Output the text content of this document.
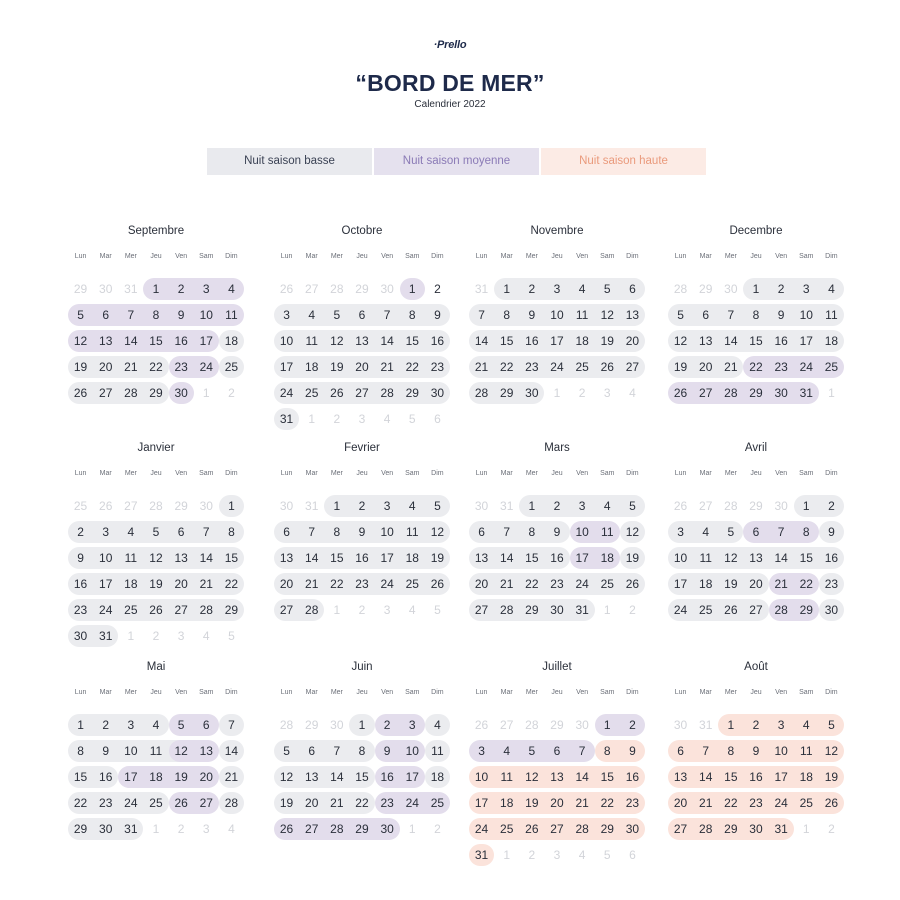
·Prello
“BORD DE MER”
Calendrier 2022
Nuit saison basse	Nuit saison moyenne	Nuit saison haute
Septembre
Lun	Mar	Mer	Jeu	Ven	Sam	Dim
29 30 31	1	2	3	4
5	6	7	8	9	10	11
12 13 14 15 16 17 18
19 20 21 22 23 24 25
26 27 28 29 30	1	2
Octobre
Lun	Mar	Mer	Jeu	Ven	Sam	Dim
26 27 28 29 30	1	2
3	4	5	6	7	8	9
10	11	12 13 14 15 16
17 18 19 20 21 22 23
24 25 26 27 28 29 30
31	1	2	3	4	5	6
Novembre
Lun	Mar	Mer	Jeu	Ven	Sam	Dim
31	1	2	3	4	5	6
7	8	9	10	11	12 13
14 15 16 17 18 19 20
21 22 23 24 25 26 27
28 29 30	1	2	3	4
Decembre
Lun	Mar	Mer	Jeu	Ven	Sam	Dim
28 29 30	1	2	3	4
5	6	7	8	9	10	11
12 13 14 15 16 17 18
19 20 21 22 23 24 25
26 27 28 29 30 31	1
Janvier
Lun	Mar	Mer	Jeu	Ven	Sam	Dim
25 26 27 28 29 30	1
2	3	4	5	6	7	8
9	10	11	12 13 14 15
16 17 18 19 20 21 22
23 24 25 26 27 28 29
30 31	1	2	3	4	5
Fevrier
Lun	Mar	Mer	Jeu	Ven	Sam	Dim
30 31	1	2	3	4	5
6	7	8	9	10	11	12
13 14 15 16 17 18 19
20 21 22 23 24 25 26
27 28	1	2	3	4	5
Mars
Lun	Mar	Mer	Jeu	Ven	Sam	Dim
30 31	1	2	3	4	5
6	7	8	9	10	11	12
13 14 15 16 17 18 19
20 21 22 23 24 25 26
27 28 29 30 31	1	2
Avril
Lun	Mar	Mer	Jeu	Ven	Sam	Dim
26 27 28 29 30	1	2
3	4	5	6	7	8	9
10	11	12 13 14 15 16
17 18 19 20 21 22 23
24 25 26 27 28 29 30
Mai
Lun	Mar	Mer	Jeu	Ven	Sam	Dim
1	2	3	4	5	6	7
8	9	10	11	12 13 14
15 16 17 18 19 20 21
22 23 24 25 26 27 28
29 30 31	1	2	3	4
Juin
Lun	Mar	Mer	Jeu	Ven	Sam	Dim
28 29 30	1	2	3	4
5	6	7	8	9	10	11
12 13 14 15 16 17 18
19 20 21 22 23 24 25
26 27 28 29 30	1	2
Juillet
Lun	Mar	Mer	Jeu	Ven	Sam	Dim
26 27 28 29 30	1	2
3	4	5	6	7	8	9
10	11	12 13 14 15 16
17 18 19 20 21 22 23
24 25 26 27 28 29 30
31	1	2	3	4	5	6
Août
Lun	Mar	Mer	Jeu	Ven	Sam	Dim
30 31	1	2	3	4	5
6	7	8	9	10	11	12
13 14 15 16 17 18 19
20 21 22 23 24 25 26
27 28 29 30 31	1	2
